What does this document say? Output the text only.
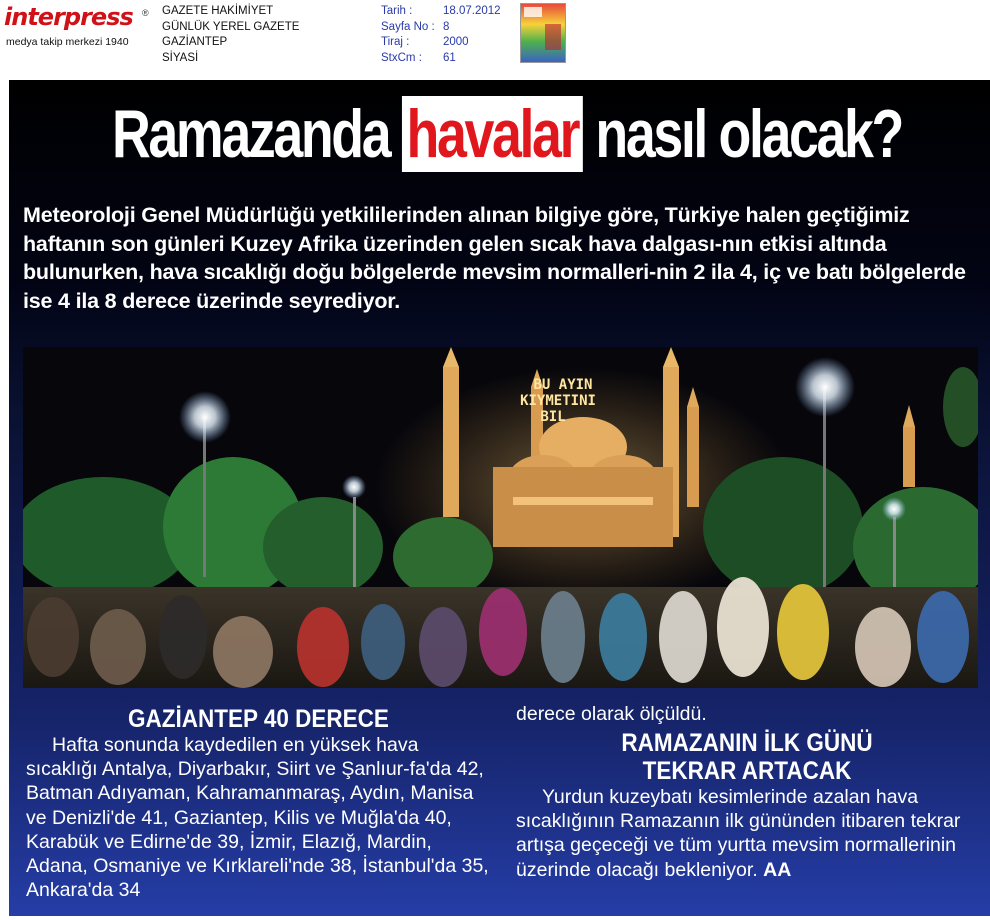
interpress ®
medya takip merkezi 1940
GAZETE HAKİMİYET
GÜNLÜK YEREL GAZETE
GAZİANTEP
SİYASİ
Tarih :	18.07.2012
Sayfa No : 8
Tiraj :	2000
StxCm :	61
Ramazanda havalar nasıl olacak?
Meteoroloji Genel Müdürlüğü yetkililerinden alınan bilgiye göre, Türkiye halen geçtiğimiz haftanın son günleri Kuzey Afrika üzerinden gelen sıcak hava dalgası-nın etkisi altında bulunurken, hava sıcaklığı doğu bölgelerde mevsim normalleri-nin 2 ila 4, iç ve batı bölgelerde ise 4 ila 8 derece üzerinde seyrediyor.
BU AYIN
KIYMETINI
BIL
GAZİANTEP 40 DERECE

Hafta sonunda kaydedilen en yüksek hava sıcaklığı Antalya, Diyarbakır, Siirt ve Şanlıur-fa'da 42, Batman Adıyaman, Kahramanmaraş, Aydın, Manisa ve Denizli'de 41, Gaziantep, Kilis ve Muğla'da 40, Karabük ve Edirne'de 39, İzmir, Elazığ, Mardin, Adana, Osmaniye ve Kırklareli'nde 38, İstanbul'da 35, Ankara'da 34

derece olarak ölçüldü.
RAMAZANIN İLK GÜNÜ
TEKRAR ARTACAK

Yurdun kuzeybatı kesimlerinde azalan hava sıcaklığının Ramazanın ilk gününden itibaren tekrar artışa geçeceği ve tüm yurtta mevsim normallerinin üzerinde olacağı bekleniyor. AA
